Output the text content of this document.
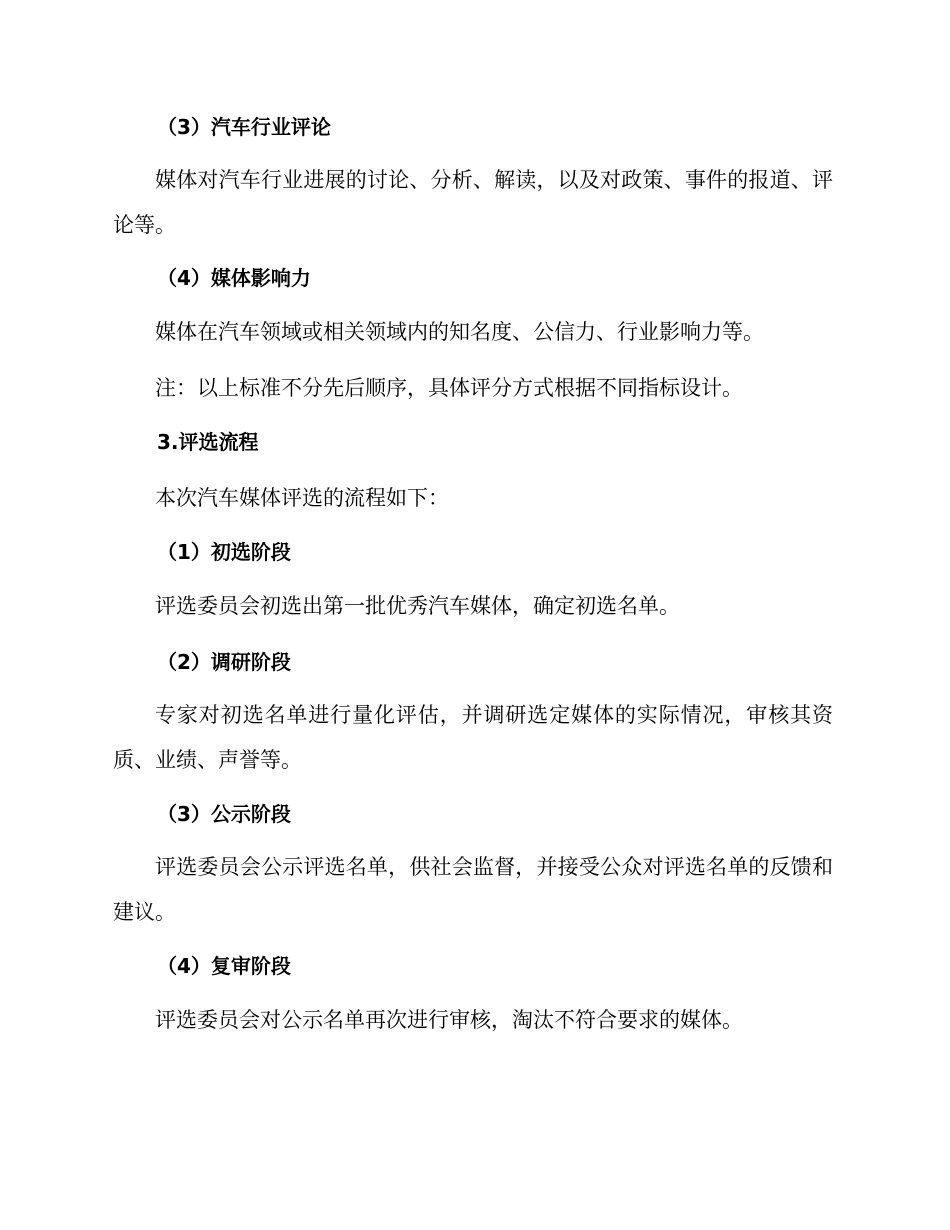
（3）汽车行业评论

媒体对汽车行业进展的讨论、分析、解读，以及对政策、事件的报道、评论等。

（4）媒体影响力

媒体在汽车领域或相关领域内的知名度、公信力、行业影响力等。

注：以上标准不分先后顺序，具体评分方式根据不同指标设计。

3.评选流程

本次汽车媒体评选的流程如下：

（1）初选阶段

评选委员会初选出第一批优秀汽车媒体，确定初选名单。

（2）调研阶段

专家对初选名单进行量化评估，并调研选定媒体的实际情况，审核其资质、业绩、声誉等。

（3）公示阶段

评选委员会公示评选名单，供社会监督，并接受公众对评选名单的反馈和建议。

（4）复审阶段

评选委员会对公示名单再次进行审核，淘汰不符合要求的媒体。
